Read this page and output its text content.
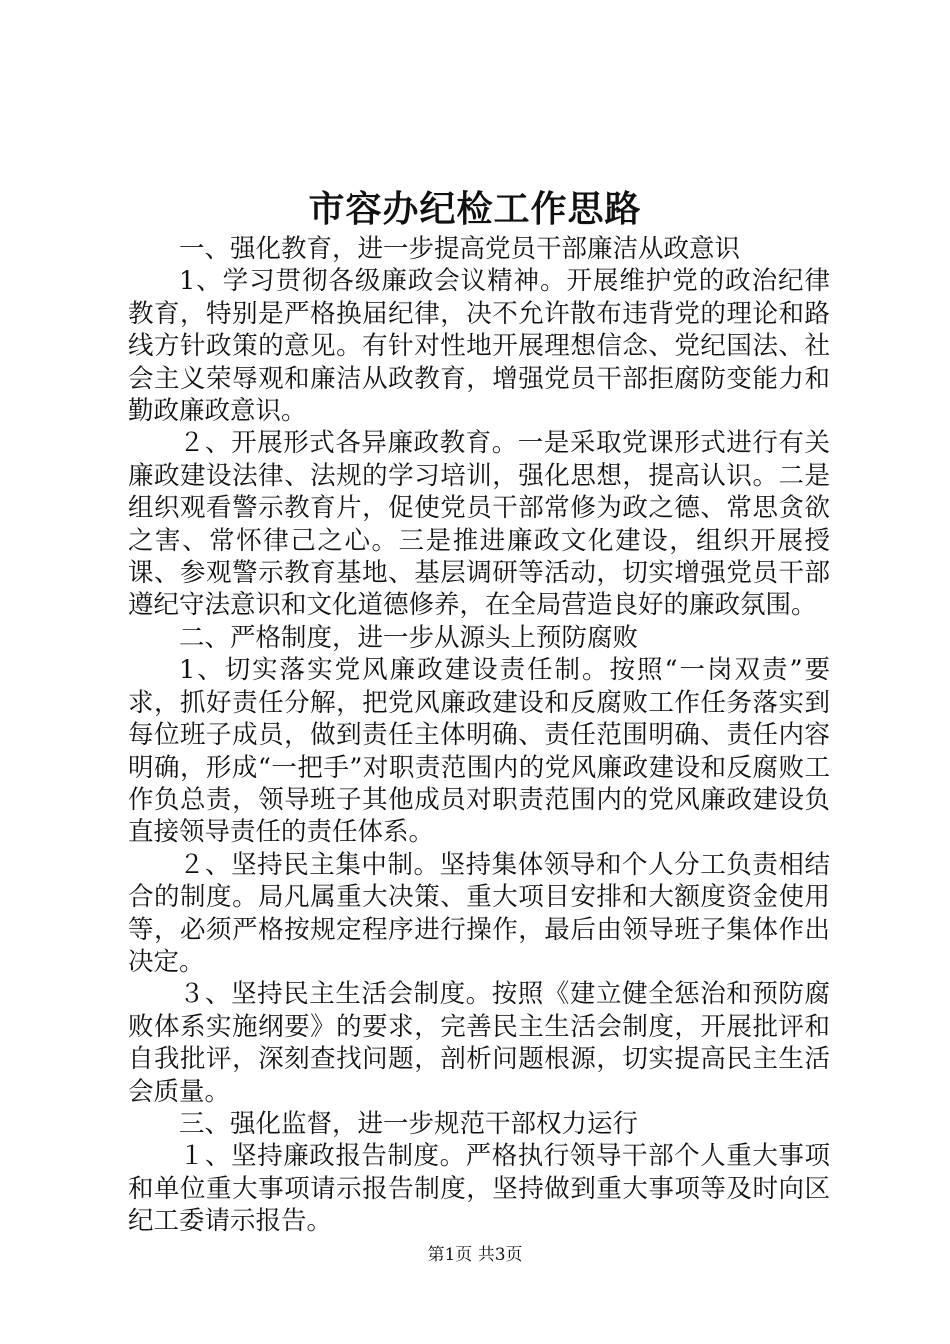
市容办纪检工作思路

一、强化教育，进一步提高党员干部廉洁从政意识

1、学习贯彻各级廉政会议精神。开展维护党的政治纪律教育，特别是严格换届纪律，决不允许散布违背党的理论和路线方针政策的意见。有针对性地开展理想信念、党纪国法、社会主义荣辱观和廉洁从政教育，增强党员干部拒腐防变能力和勤政廉政意识。

２、开展形式各异廉政教育。一是采取党课形式进行有关廉政建设法律、法规的学习培训，强化思想，提高认识。二是组织观看警示教育片，促使党员干部常修为政之德、常思贪欲之害、常怀律己之心。三是推进廉政文化建设，组织开展授课、参观警示教育基地、基层调研等活动，切实增强党员干部遵纪守法意识和文化道德修养，在全局营造良好的廉政氛围。

二、严格制度，进一步从源头上预防腐败

1、切实落实党风廉政建设责任制。按照“一岗双责”要求，抓好责任分解，把党风廉政建设和反腐败工作任务落实到每位班子成员，做到责任主体明确、责任范围明确、责任内容明确，形成“一把手”对职责范围内的党风廉政建设和反腐败工作负总责，领导班子其他成员对职责范围内的党风廉政建设负直接领导责任的责任体系。

２、坚持民主集中制。坚持集体领导和个人分工负责相结合的制度。局凡属重大决策、重大项目安排和大额度资金使用等，必须严格按规定程序进行操作，最后由领导班子集体作出决定。

３、坚持民主生活会制度。按照《建立健全惩治和预防腐败体系实施纲要》的要求，完善民主生活会制度，开展批评和自我批评，深刻查找问题，剖析问题根源，切实提高民主生活会质量。

三、强化监督，进一步规范干部权力运行

１、坚持廉政报告制度。严格执行领导干部个人重大事项和单位重大事项请示报告制度，坚持做到重大事项等及时向区纪工委请示报告。

第1页 共3页
